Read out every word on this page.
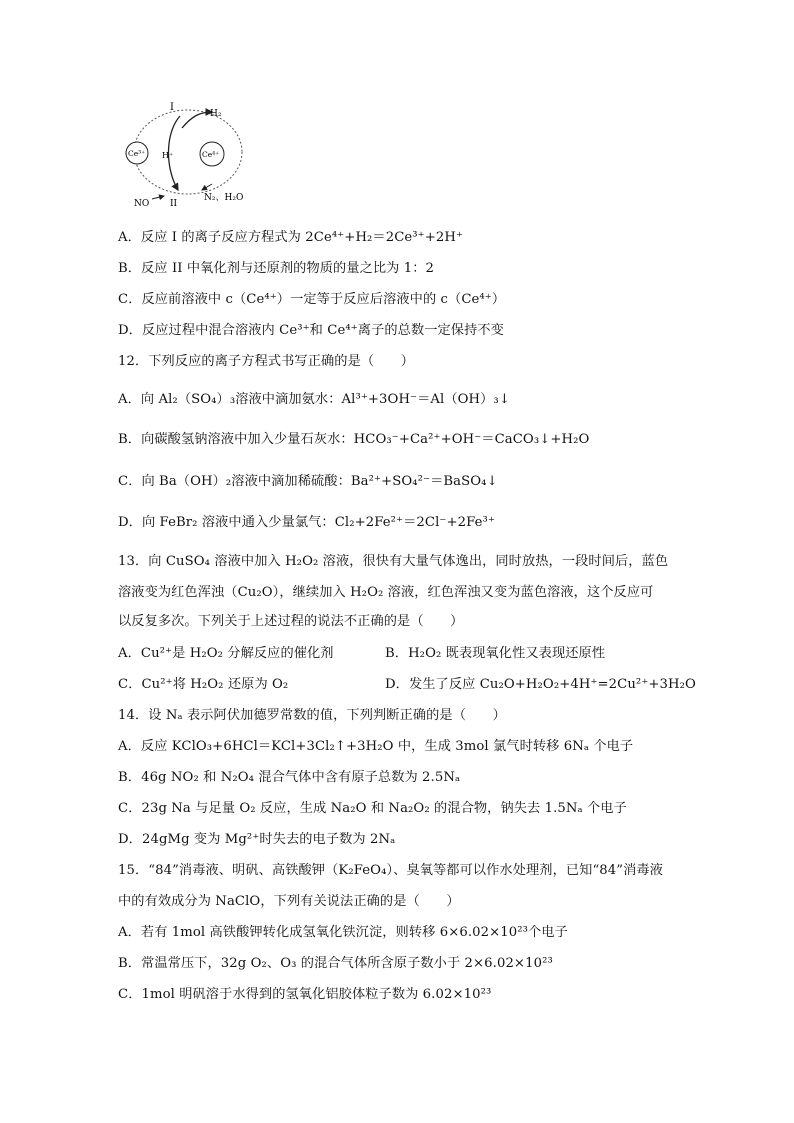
I
H₂
Ce³⁺	Ce⁴⁺
H⁺
N₂、H₂O
NO II
A．反应 I 的离子反应方程式为 2Ce⁴⁺+H₂＝2Ce³⁺+2H⁺
B．反应 II 中氧化剂与还原剂的物质的量之比为 1：2
C．反应前溶液中 c（Ce⁴⁺）一定等于反应后溶液中的 c（Ce⁴⁺）
D．反应过程中混合溶液内 Ce³⁺和 Ce⁴⁺离子的总数一定保持不变
12．下列反应的离子方程式书写正确的是（　　）
A．向 Al₂（SO₄）₃溶液中滴加氨水：Al³⁺+3OH⁻＝Al（OH）₃↓
B．向碳酸氢钠溶液中加入少量石灰水：HCO₃⁻+Ca²⁺+OH⁻＝CaCO₃↓+H₂O
C．向 Ba（OH）₂溶液中滴加稀硫酸：Ba²⁺+SO₄²⁻＝BaSO₄↓
D．向 FeBr₂ 溶液中通入少量氯气：Cl₂+2Fe²⁺＝2Cl⁻+2Fe³⁺
13．向 CuSO₄ 溶液中加入 H₂O₂ 溶液，很快有大量气体逸出，同时放热，一段时间后，蓝色
溶液变为红色浑浊（Cu₂O），继续加入 H₂O₂ 溶液，红色浑浊又变为蓝色溶液，这个反应可
以反复多次。下列关于上述过程的说法不正确的是（　　）
A．Cu²⁺是 H₂O₂ 分解反应的催化剂	B．H₂O₂ 既表现氧化性又表现还原性
C．Cu²⁺将 H₂O₂ 还原为 O₂	D．发生了反应 Cu₂O+H₂O₂+4H⁺=2Cu²⁺+3H₂O
14．设 Nₐ 表示阿伏加德罗常数的值，下列判断正确的是（　　）
A．反应 KClO₃+6HCl＝KCl+3Cl₂↑+3H₂O 中，生成 3mol 氯气时转移 6Nₐ 个电子
B．46g NO₂ 和 N₂O₄ 混合气体中含有原子总数为 2.5Nₐ
C．23g Na 与足量 O₂ 反应，生成 Na₂O 和 Na₂O₂ 的混合物，钠失去 1.5Nₐ 个电子
D．24gMg 变为 Mg²⁺时失去的电子数为 2Nₐ
15．“84”消毒液、明矾、高铁酸钾（K₂FeO₄）、臭氧等都可以作水处理剂，已知“84”消毒液
中的有效成分为 NaClO，下列有关说法正确的是（　　）
A．若有 1mol 高铁酸钾转化成氢氧化铁沉淀，则转移 6×6.02×10²³个电子
B．常温常压下，32g O₂、O₃ 的混合气体所含原子数小于 2×6.02×10²³
C．1mol 明矾溶于水得到的氢氧化铝胶体粒子数为 6.02×10²³
